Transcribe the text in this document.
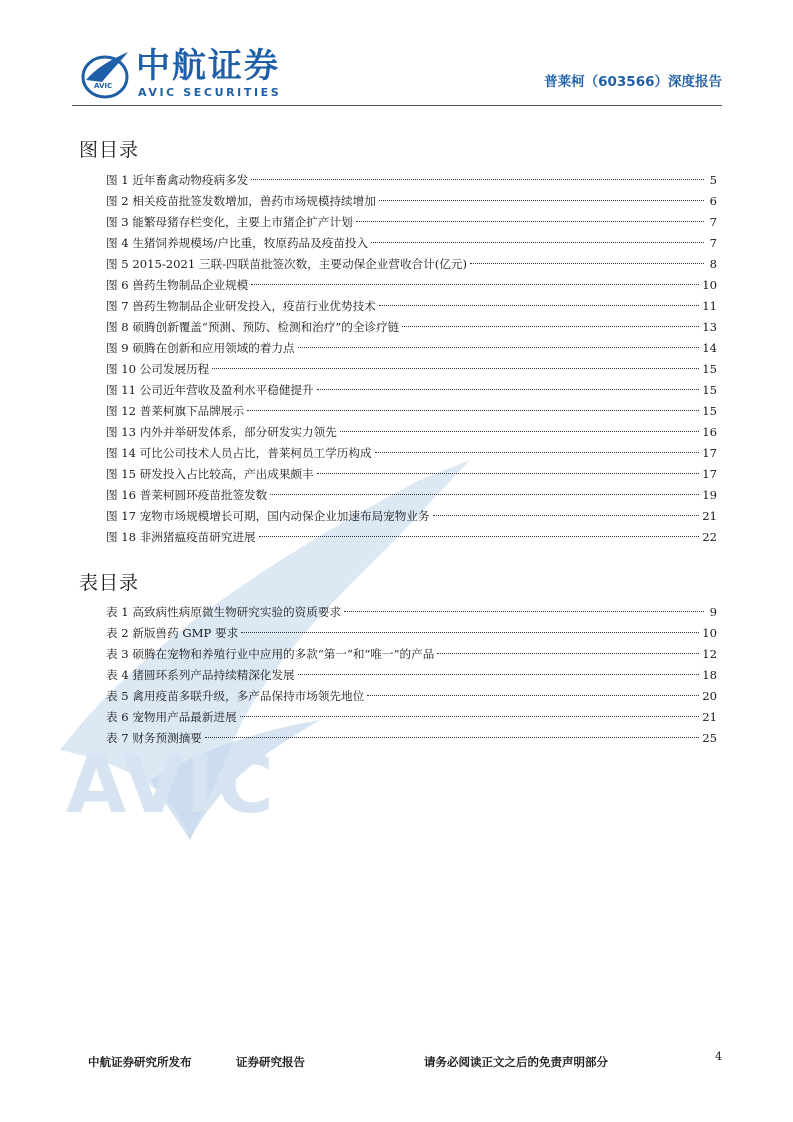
AVIC
AVIC 中航证券
AVIC SECURITIES
普莱柯（603566）深度报告
图目录
图 1 近年畜禽动物疫病多发	5
图 2 相关疫苗批签发数增加，兽药市场规模持续增加	6
图 3 能繁母猪存栏变化，主要上市猪企扩产计划	7
图 4 生猪饲养规模场/户比重，牧原药品及疫苗投入	7
图 5 2015-2021 三联-四联苗批签次数，主要动保企业营收合计(亿元)	8
图 6 兽药生物制品企业规模	10
图 7 兽药生物制品企业研发投入，疫苗行业优势技术	11
图 8 硕腾创新覆盖“预测、预防、检测和治疗”的全诊疗链	13
图 9 硕腾在创新和应用领域的着力点	14
图 10 公司发展历程	15
图 11 公司近年营收及盈利水平稳健提升	15
图 12 普莱柯旗下品牌展示	15
图 13 内外并举研发体系，部分研发实力领先	16
图 14 可比公司技术人员占比，普莱柯员工学历构成	17
图 15 研发投入占比较高，产出成果颇丰	17
图 16 普莱柯圆环疫苗批签发数	19
图 17 宠物市场规模增长可期，国内动保企业加速布局宠物业务	21
图 18 非洲猪瘟疫苗研究进展	22
表目录
表 1 高致病性病原微生物研究实验的资质要求	9
表 2 新版兽药 GMP 要求	10
表 3 硕腾在宠物和养殖行业中应用的多款“第一”和“唯一”的产品	12
表 4 猪圆环系列产品持续精深化发展	18
表 5 禽用疫苗多联升级，多产品保持市场领先地位	20
表 6 宠物用产品最新进展	21
表 7 财务预测摘要	25
中航证券研究所发布	证券研究报告	请务必阅读正文之后的免责声明部分	4
